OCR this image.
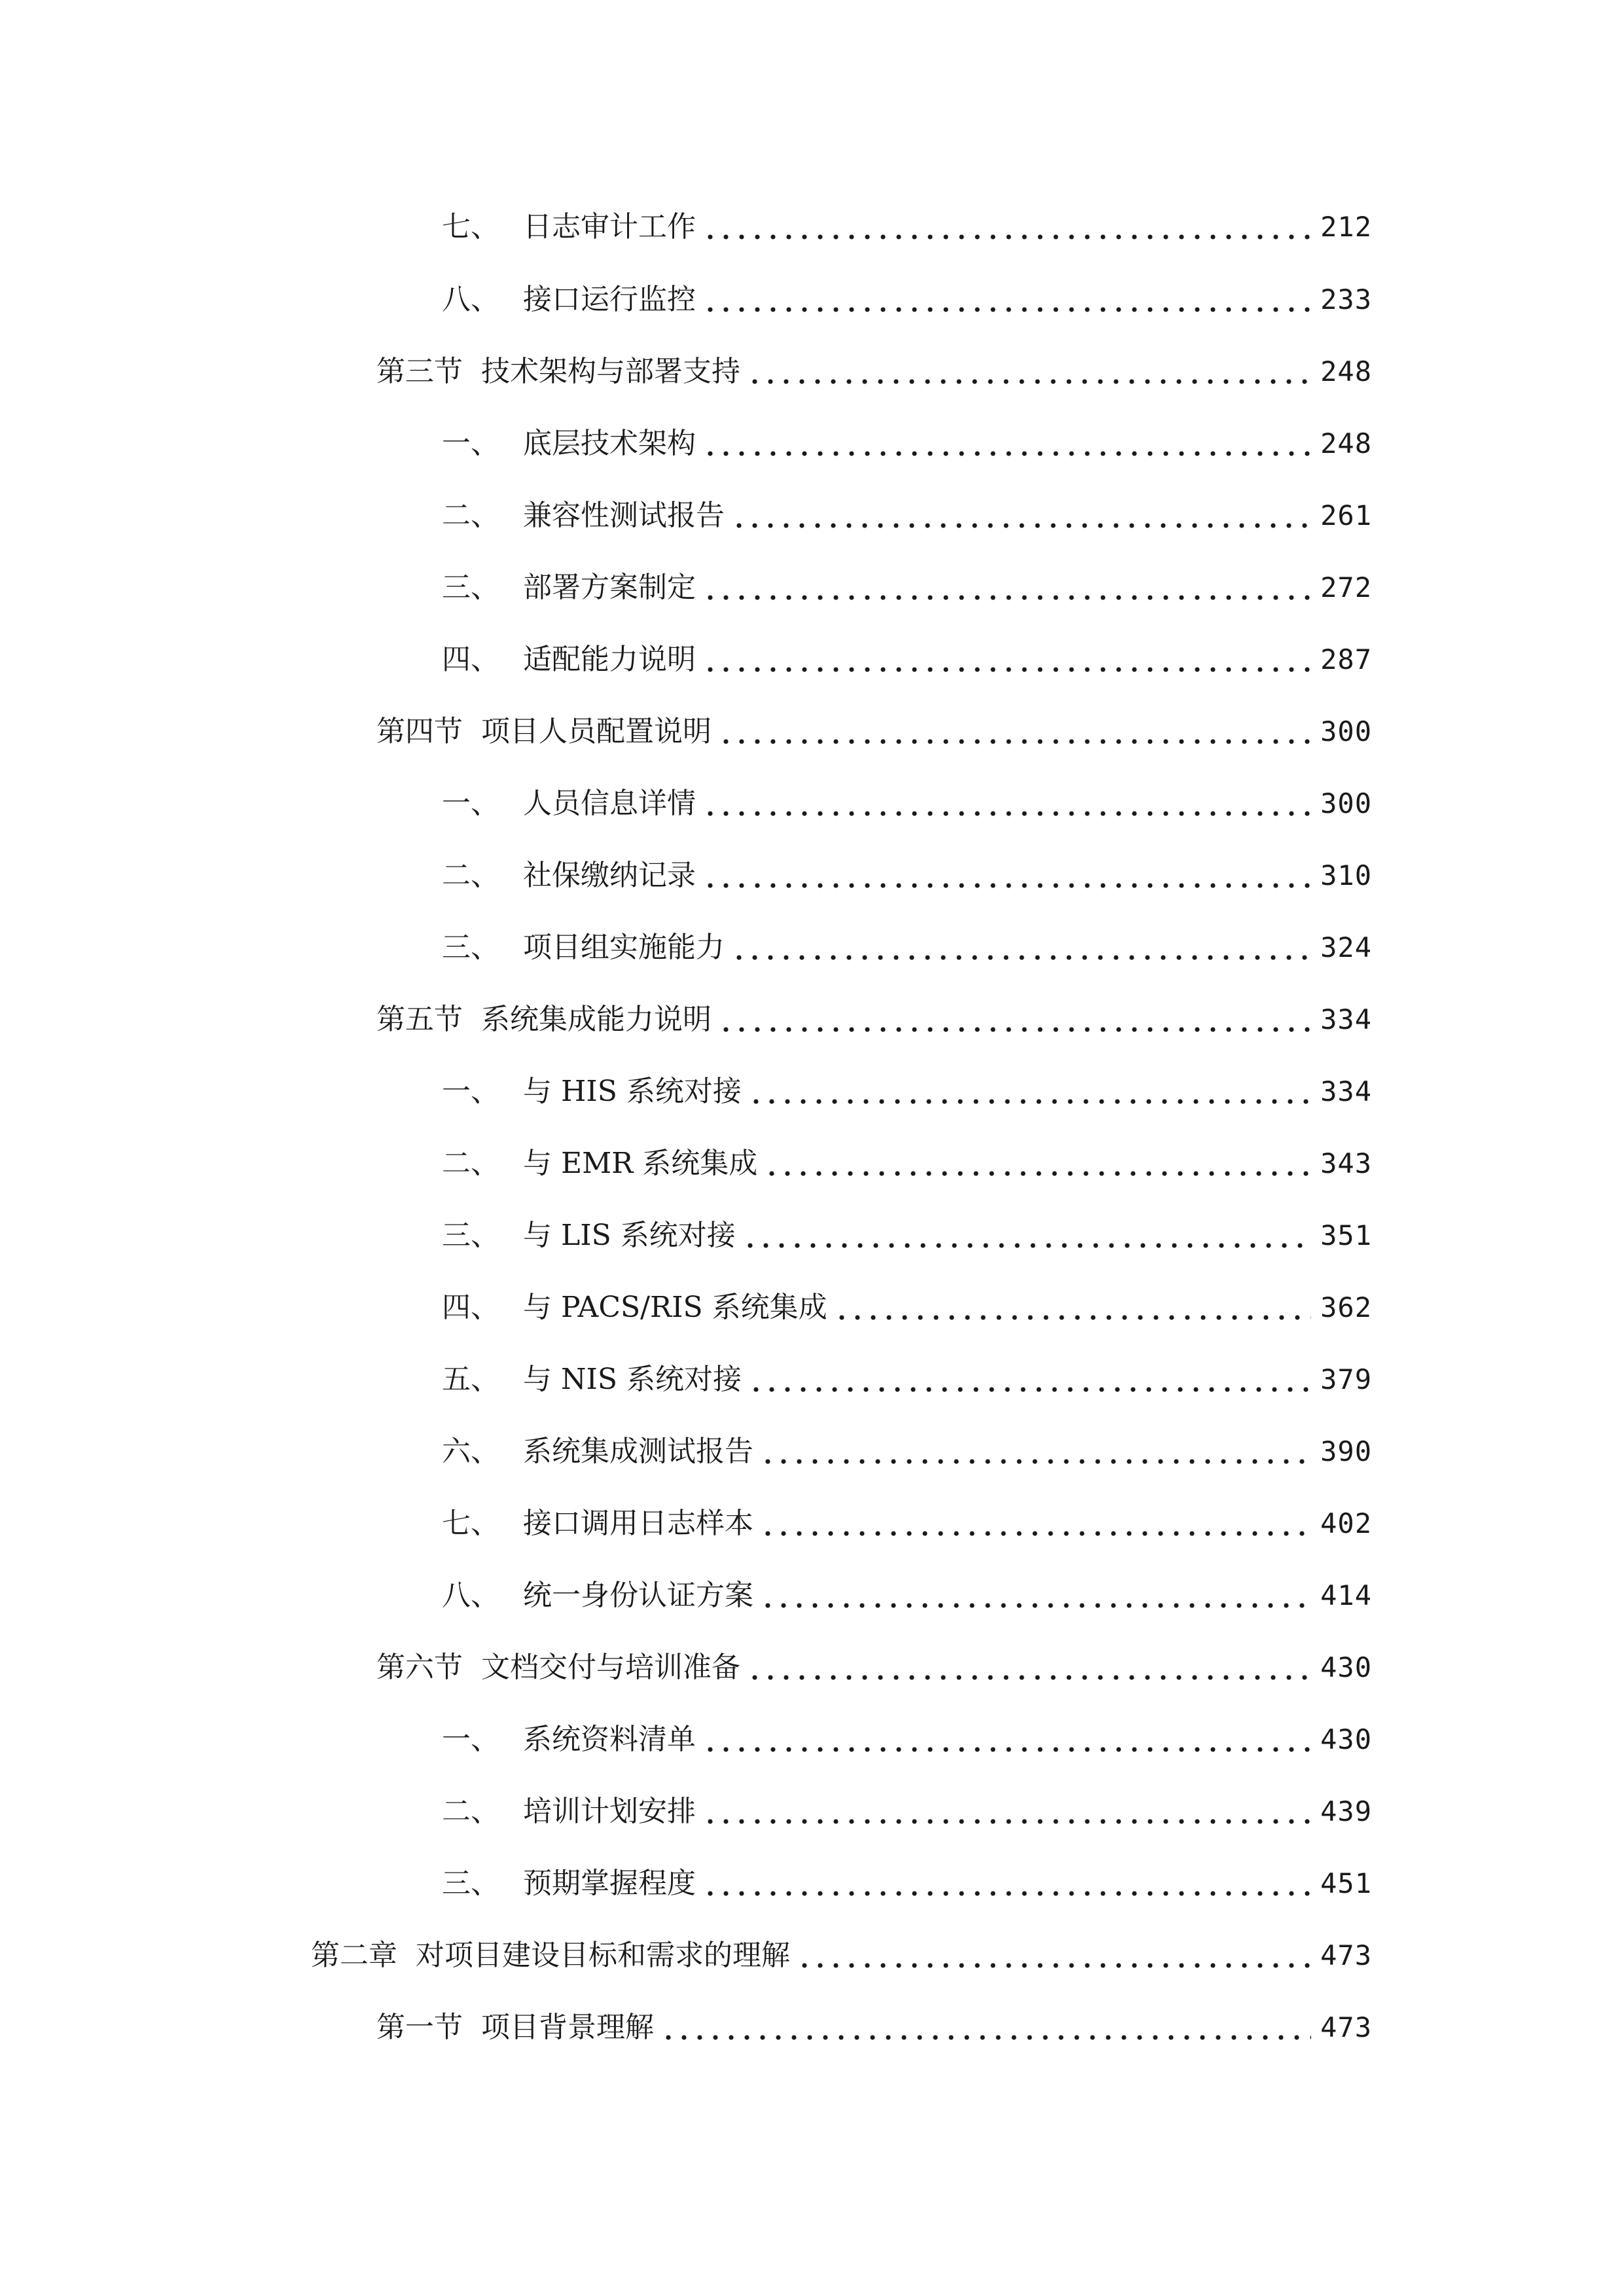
七、 日志审计工作	212
八、 接口运行监控	233
第三节 技术架构与部署支持	248
一、 底层技术架构	248
二、 兼容性测试报告	261
三、 部署方案制定	272
四、 适配能力说明	287
第四节 项目人员配置说明	300
一、 人员信息详情	300
二、 社保缴纳记录	310
三、 项目组实施能力	324
第五节 系统集成能力说明	334
一、 与 HIS 系统对接	334
二、 与 EMR 系统集成	343
三、 与 LIS 系统对接	351
四、 与 PACS/RIS 系统集成	362
五、 与 NIS 系统对接	379
六、 系统集成测试报告	390
七、 接口调用日志样本	402
八、 统一身份认证方案	414
第六节 文档交付与培训准备	430
一、 系统资料清单	430
二、 培训计划安排	439
三、 预期掌握程度	451
第二章 对项目建设目标和需求的理解	473
第一节 项目背景理解	473
